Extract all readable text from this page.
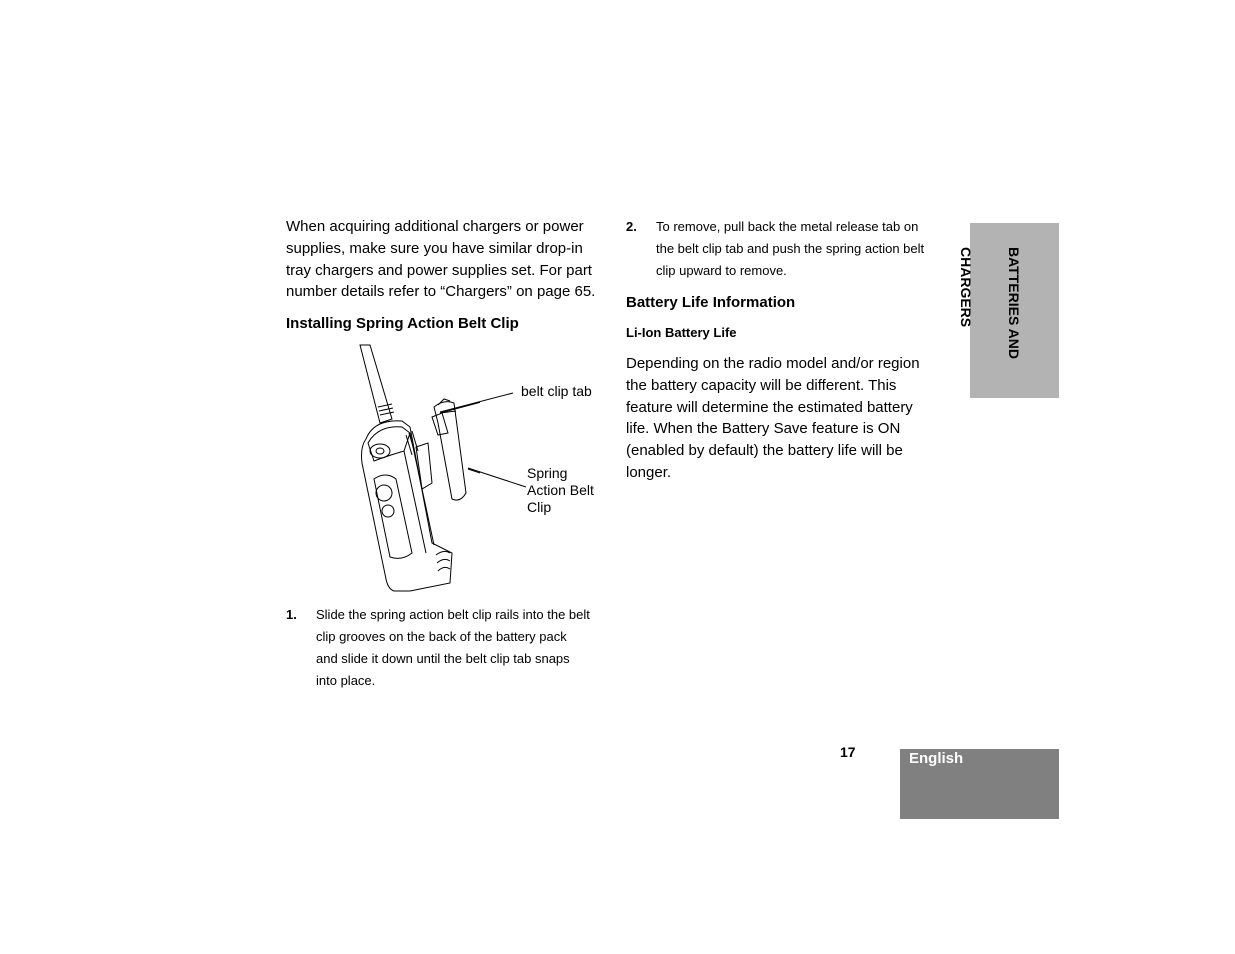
When acquiring additional chargers or power
supplies, make sure you have similar drop-in
tray chargers and power supplies set. For part
number details refer to “Chargers” on page 65.
Installing Spring Action Belt Clip
belt clip tab
Spring
Action Belt
Clip
1. Slide the spring action belt clip rails into the belt
clip grooves on the back of the battery pack
and slide it down until the belt clip tab snaps
into place.
2. To remove, pull back the metal release tab on
the belt clip tab and push the spring action belt
clip upward to remove.
Battery Life Information
Li-Ion Battery Life
Depending on the radio model and/or region
the battery capacity will be different. This
feature will determine the estimated battery
life. When the Battery Save feature is ON
(enabled by default) the battery life will be
longer.

BATTERIES AND

CHARGERS

17	English
